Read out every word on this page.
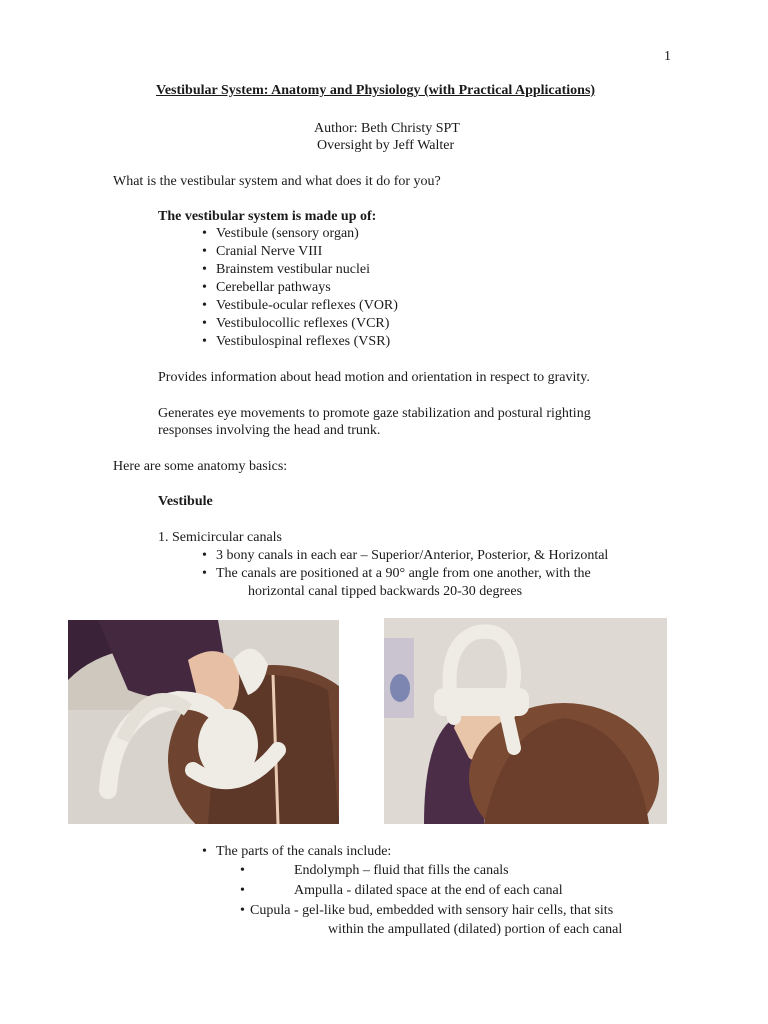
1
Vestibular System: Anatomy and Physiology (with Practical Applications)
Author: Beth Christy SPT
Oversight by Jeff Walter
What is the vestibular system and what does it do for you?
The vestibular system is made up of:
• Vestibule (sensory organ)
• Cranial Nerve VIII
• Brainstem vestibular nuclei
• Cerebellar pathways
• Vestibule-ocular reflexes (VOR)
• Vestibulocollic reflexes (VCR)
• Vestibulospinal reflexes (VSR)
Provides information about head motion and orientation in respect to gravity.
Generates eye movements to promote gaze stabilization and postural righting
responses involving the head and trunk.
Here are some anatomy basics:
Vestibule
1. Semicircular canals
• 3 bony canals in each ear – Superior/Anterior, Posterior, & Horizontal
• The canals are positioned at a 90° angle from one another, with the
horizontal canal tipped backwards 20-30 degrees
• The parts of the canals include:
•	Endolymph – fluid that fills the canals
•	Ampulla - dilated space at the end of each canal
• Cupula - gel-like bud, embedded with sensory hair cells, that sits
within the ampullated (dilated) portion of each canal
